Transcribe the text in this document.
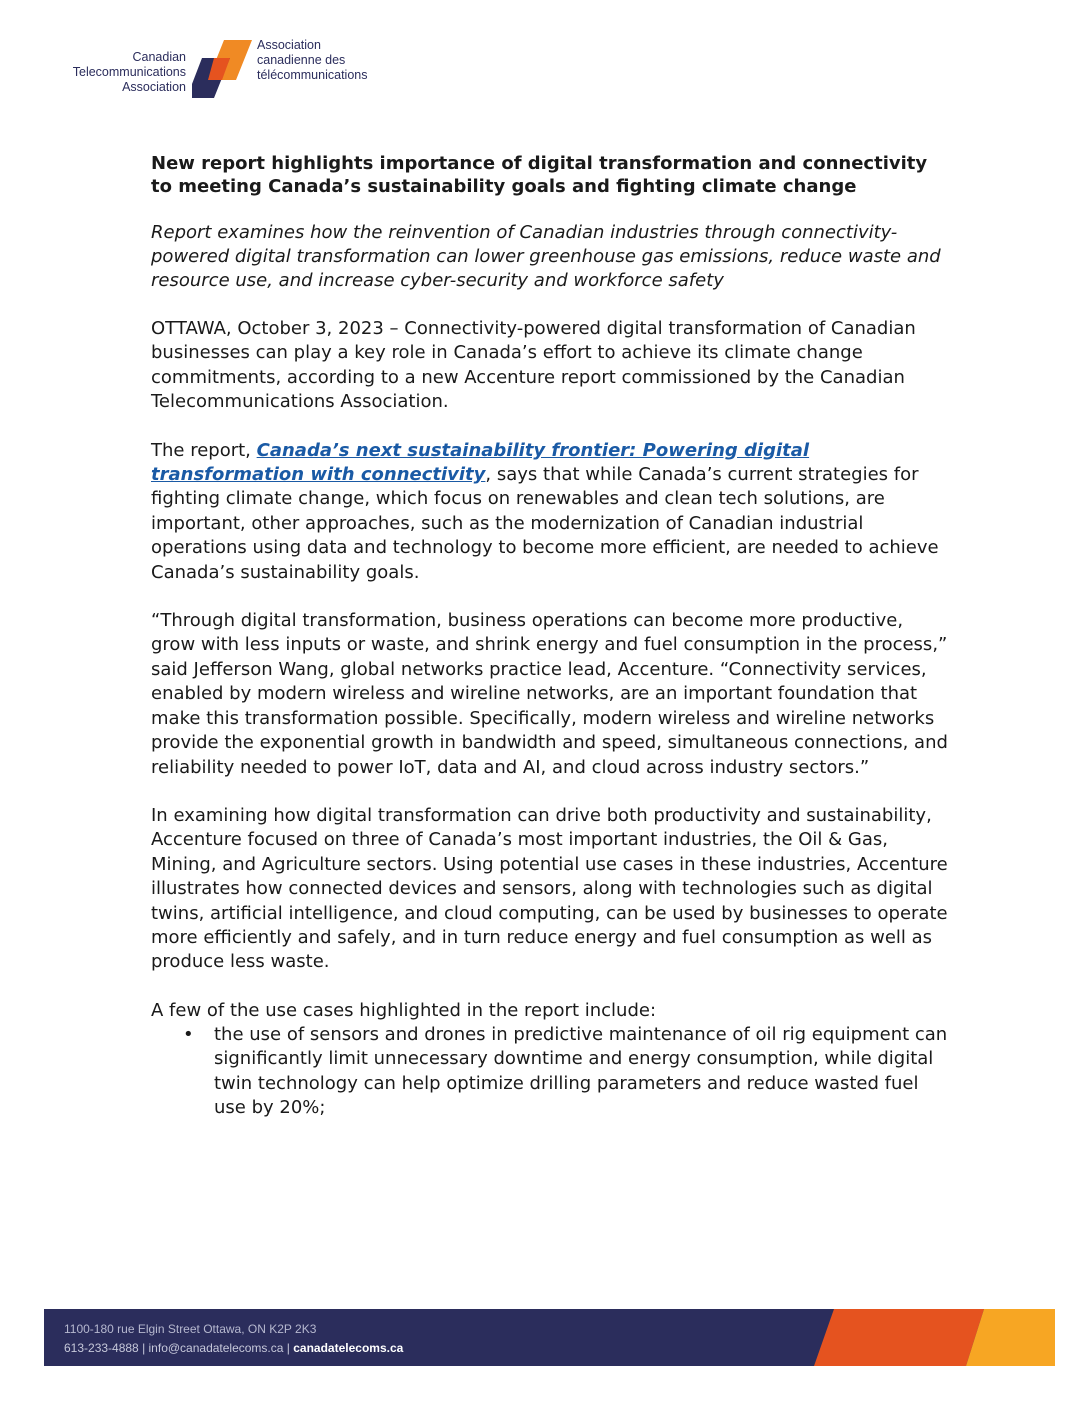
Canadian
Telecommunications
Association
Association
canadienne des
télécommunications

New report highlights importance of digital transformation and connectivity to meeting Canada’s sustainability goals and fighting climate change

Report examines how the reinvention of Canadian industries through connectivity-powered digital transformation can lower greenhouse gas emissions, reduce waste and resource use, and increase cyber-security and workforce safety

OTTAWA, October 3, 2023 – Connectivity-powered digital transformation of Canadian businesses can play a key role in Canada’s effort to achieve its climate change commitments, according to a new Accenture report commissioned by the Canadian Telecommunications Association.

The report, Canada’s next sustainability frontier: Powering digital transformation with connectivity, says that while Canada’s current strategies for fighting climate change, which focus on renewables and clean tech solutions, are important, other approaches, such as the modernization of Canadian industrial operations using data and technology to become more efficient, are needed to achieve Canada’s sustainability goals.

“Through digital transformation, business operations can become more productive, grow with less inputs or waste, and shrink energy and fuel consumption in the process,” said Jefferson Wang, global networks practice lead, Accenture. “Connectivity services, enabled by modern wireless and wireline networks, are an important foundation that make this transformation possible. Specifically, modern wireless and wireline networks provide the exponential growth in bandwidth and speed, simultaneous connections, and reliability needed to power IoT, data and AI, and cloud across industry sectors.”

In examining how digital transformation can drive both productivity and sustainability, Accenture focused on three of Canada’s most important industries, the Oil & Gas, Mining, and Agriculture sectors. Using potential use cases in these industries, Accenture illustrates how connected devices and sensors, along with technologies such as digital twins, artificial intelligence, and cloud computing, can be used by businesses to operate more efficiently and safely, and in turn reduce energy and fuel consumption as well as produce less waste.

A few of the use cases highlighted in the report include:

• the use of sensors and drones in predictive maintenance of oil rig equipment can significantly limit unnecessary downtime and energy consumption, while digital twin technology can help optimize drilling parameters and reduce wasted fuel use by 20%;
1100-180 rue Elgin Street Ottawa, ON K2P 2K3
613-233-4888 | info@canadatelecoms.ca | canadatelecoms.ca
